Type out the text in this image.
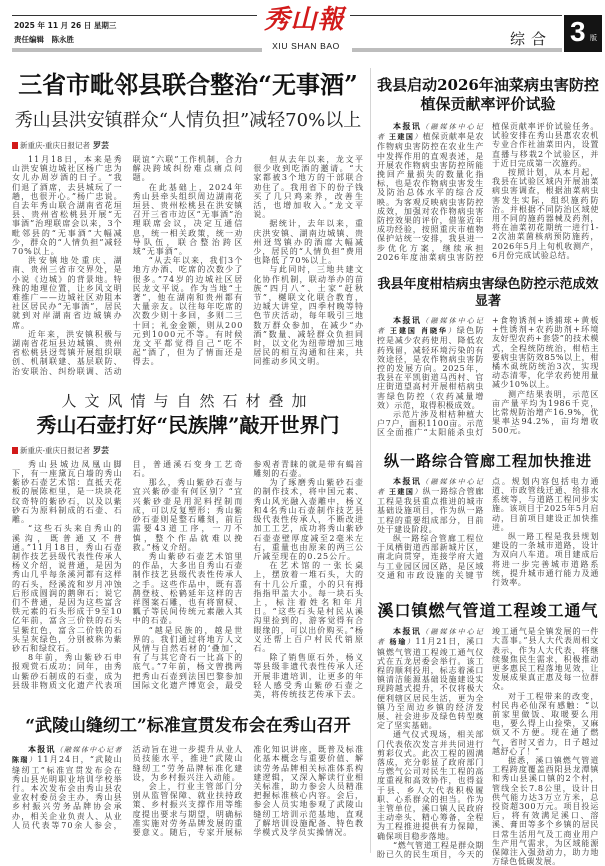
2025 年 11 月 26 日 星期三
责任编辑　陈永胜
秀山報
XIU SHAN BAO	综合 3 版
三省市毗邻县联合整治“无事酒”
秀山县洪安镇群众“人情负担”减轻70%以上
新重庆-重庆日报记者 罗芸

11月18日，本来是秀山洪安镇边城社区杨广忠为女儿办周岁酒的日子。“我们退了酒席，去县城玩了一趟，也很开心。”杨广忠说。自去年秀山联合湖南省花垣县、贵州省松桃县开展“无事酒”治理联席会以来，3个毗邻县的“无事酒”大幅减少，群众的“人情负担”减轻70%以上。

洪安镇地处重庆、湖南、贵州三省市交界处，是小说《边城》的背景地。特殊的地理位置，让乡风文明难推广——边城社区劝阻本社区居民办“无事酒”，居民就到对岸湖南省边城镇办席。

近年来，洪安镇积极与湖南省花垣县边城镇、贵州省松桃县迓驾镇开展组织联创、机制联建、基层联防、治安联治、纠纷联调、活动联谊“六联”工作机制，合力解决跨域纠纷难点痛点问题。

在此基础上，2024年秀山县牵头组织周边湖南花垣县、贵州松桃县在洪安镇召开三省市边区“无事酒”治理联席会议，决定互通信息，统一相关政策，统一劝导队伍，联合整治跨区域“无事酒”。

“从去年以来，我们3个地方办酒、吃席的次数少了很多。”74岁的边城社区居民龙文平说。作为当地“土著”，他在湖南和贵州都有大量亲友。以往每年吃席的次数少则十多回，多则二三十回；礼金金额，则从200元到1000元不等。有时候龙文平都觉得自己“吃不起”酒了，但为了情面还是得去。

但从去年以来，龙文平很少收到吃酒的邀请。“大家都被3个地方的干部联合劝住了。我用省下的份子钱买了几只鸡来养，改善生活，也增加收入。”龙文平说。

据统计，去年以来，重庆洪安镇、湖南边城镇、贵州迓驾镇办的酒席大幅减少，居民的“人情负担”费用也降低了70%以上。

与此同时，三地共建文化协作机制，联动举办的苗族“四月八”、土家“赶秋节”，樾联文化联合教育，边城大讲堂，四季村晚等特色节庆活动，每年吸引三地数万群众参加，在减少“办酒”数量、减轻群众负担同时，以文化为纽带增加三地居民的相互沟通和往来，共同推动乡风文明。

人文风情与自然石材叠加
秀山石壶打好“民族牌”敲开世界门
新重庆-重庆日报记者 罗芸

秀山县城边凤凰山脚下，有一座黛瓦白墙的秀山紫砂石壶艺术馆：直抵天花板的展陈柜里，是一块块花纹奇特的紫砂石，以及以紫砂石为原料制成的石壶、石雕。

“这些石头来自秀山的溪沟，既普通又不普通。”11月18日，秀山石壶制作技艺县级代表性传承人杨义介绍，说普通，是因为秀山几乎每条溪河都有这样的石头，经溪流和岁月冲蚀后形成圆润的鹅卵石；说它们不普通，是因为这些富含铁元素的石头形成于9至10亿年前，富含三价铁的石头呈紫红色，富含二价铁的石头呈灰绿色，分别被称为紫砂石和绿纹石。

8年前，秀山紫砂石申报观赏石成功；同年，由秀山紫砂石制成的石壶，成为县级非物质文化遗产代表项目，普通溪石变身工艺奇石。

那么，秀山紫砂石壶与宜兴紫砂壶有何区别？“宜兴紫砂壶是用泥料捏制而成，可以反复塑形；秀山紫砂石壶则是整石雕刻，前后需要43道工序，一刀不慎，整个作品就难以挽救。”杨义介绍。

秀山紫砂石壶艺术馆里的作品，大多出自秀山石壶制作技艺县级代表性传承人之手。这些作品中，既有喜鹊登枝、松鹤延年这样的吉祥图案石雕，也有将窗棂、瓤子等民间传统元素融入其中的石壶。

“越是民族的，越是世界的。我们通过将地方人文风情与自然石材的‘叠加’，有了与其它奇石一比高下的底气。”7年前，杨文曾携两把秀山石壶到法国巴黎参加国际文化遗产博览会，最受参观者青睐的就是带有蝎首雕刻的石壶。

为了琢磨秀山紫砂石壶的制作技术，将中国元素、秀山风光融入壶雕中，杨义和4名秀山石壶制作技艺县级代表性传承人，不断改进加工工艺，成功将秀山紫砂石壶壶壁厚度减至2毫米左右，重量也由原来的两三公斤减至现在的0.25公斤。

在艺术馆的一张长桌上，摆放着一堆石头，大的有十几公斤重，小的只有拇指指甲盖大小。每一块石头上，标注着姓名和年月日。“这些石头是村民从溪沟里捡到的，游客觉得有合眼缘的，可以出价购买。”杨义还帮上百户村民代销原石。

除了销售原石外，杨义等县级非遗代表性传承人还开展非遗培训，让更多的年轻人感受秀山紫砂石壶之美，将传统技艺传承下去。

“武陵山缝纫工”标准宣贯发布会在秀山召开

本报讯（融媒体中心记者 陈瑞）11月24日，“武陵山缝纫工”标准宣贯发布会在秀山县光明职业培训学校举行。本次发布会由秀山县农业农村委员会主办，秀山县乡村振兴劳务品牌协会承办，相关企业负责人、从业人员代表等70余人参会，活动旨在进一步提升从业人员技能水平，推进“武陵山缝纫工”劳务品牌标准化建设，为乡村振兴注入动能。

会上，行业主管部门分别从监管保障、就业扶持政策、乡村振兴支撑作用等维度提出要求与期望，明确标准实施对劳务品牌发展的重要意义。随后，专家开展标准化知识讲座，既普及标准化基本概念与重要价值、解读劳务品牌相关标准体系构建逻辑，又深入解读行业相关标准，助力参会人员精准把握标准核心内容。会后，参会人员实地参观了武陵山缝纫工培训示范基地，直观了解培训设施配备、特色教学模式及学员实操情况。

我县启动2026年油菜病虫害防控
植保贡献率评价试验

本报讯（融媒体中心记者 王建国）植保贡献率是农作物病虫害防控在农业生产中发挥作用的直观表述，是开展农作物病虫害防控所能挽回产量损失的数量化指标，也是农作物病虫害发生及防治总体水平的综合反映。为客观反映病虫害防控成效，加强对农作物病虫害防控效果的评价，借鉴近年成功经验，按照重庆市植物保护站统一安排，我县进一步优化方案，继续承担2026年度油菜病虫害防控植保贡献率评价试验任务。试验安排在秀山县惠农农机专业合作社油菜田内，设置直播与移栽2个试验区，并于近日完成第一次施药。

按照计划，从本月起，我县在试验区域内开展油菜病虫害调查，根据油菜病虫害发生实际，组织施药防治。并根据不同防治区域使用不同的施药器械及药剂，将在油菜初花期统一进行1-2次油菜菌核病预防施药，2026年5月上旬机收测产，6月份完成试验总结。

我县年度柑桔病虫害绿色防控示范成效显著

本报讯（融媒体中心记者 王建国 肖晓华）绿色防控是减少农药使用、降低农药残留，减轻环境污染的有效途径，是农作物病虫害防控的发展方向。2025年，我县在平凯街道马西村、官庄街道望高村开展柑桔病虫害绿色防控（农药减量增效）示范，取得积极成效。

示范片涉及柑桔种植大户7户，面积1100亩。示范区全面推广“太阳能杀虫灯+食物诱剂+诱捕球+黄板+性诱剂+农药助剂+环境友好型农药+套袋”的技术模式，全程统防统治，柑桔主要病虫害防效85%以上，柑橘木虱统防统治3次，实现动态清零，化学农药使用量减少10%以上。

测产结果表明，示范区亩产量平均为1986千克，比常规防治增产16.9%，优果率达94.2%，亩均增收500元。

纵一路综合管廊工程加快推进

本报讯（融媒体中心记者 王建国）纵一路综合管廊工程是我县重点推进的城市基础设施项目，作为纵一路工程的重要组成部分，目前处于建设阶段。

纵一路综合管廊工程位于凤栖街道西部新城片区，南北向贯穿，连接学府大道与工业园区园区路，是区域交通和市政设施的关键节点。规划内容包括电力通道、市政管线迁通、给排水系统等，与道路工程同步实施。该项目于2025年5月启动，目前项目建设正加快推进。

纵一路工程是我县规划建设的一条城市道路，设计为双向八车道。项目建成后将进一步完善城市道路系统，提升城市通行能力及通行效率。

溪口镇燃气管道工程竣工通气

本报讯（融媒体中心记者 杨瑜）11月21日，溪口镇燃气管道工程竣工通气仪式在五龙居委会举行。该工程的顺利投用，标志着溪口镇清洁能源基础设施建设实现跨越式提升，不仅将极大便利辖区居民生活，更为全镇乃至周边乡镇的经济发展、社会进步及绿色转型奠定了坚实基础。

通气仪式现场，相关部门代表依次发言并共同进行剪彩仪式。此次工程的圆满落成，充分彰显了政府部门与燃气公司对民生工程的高度重视和高效协作，也得益于县、乡人大代表积极履职、心系群众的担当。作为主管单位，溪口镇人民政府主动牵头、精心筹备，全程为工程推进提供有力保障，确保项目稳步落地。

“燃气管道工程是群众期盼已久的民生项目，今天的竣工通气是全镇发展的一件大喜事。”县人大代表周相文表示，作为人大代表，将继续聚焦民生需求，积极推动更多惠民工程落地见效，让发展成果真正惠及每一位群众。

对于工程带来的改变，村民冉必仙深有感触：“以前家里做饭、取暖要么用电，要么得上山捡柴，又麻烦又不方便。现在通了燃气，省时又省力，日子越过越舒心了！”

据悉，溪口镇燃气管道工程跨度覆盖酉阳县龙潭镇和秀山县溪口镇的2个村，管线全长7.8公里，设计日供气能力达3万立方米，总投资超300万元。项目投运后，将有效满足溪口、溶溪、膏田等多个乡镇的居民日常生活用气及工商业用户生产用气需求，为区域能源保障注入强劲动力，助力地方绿色低碳发展。
